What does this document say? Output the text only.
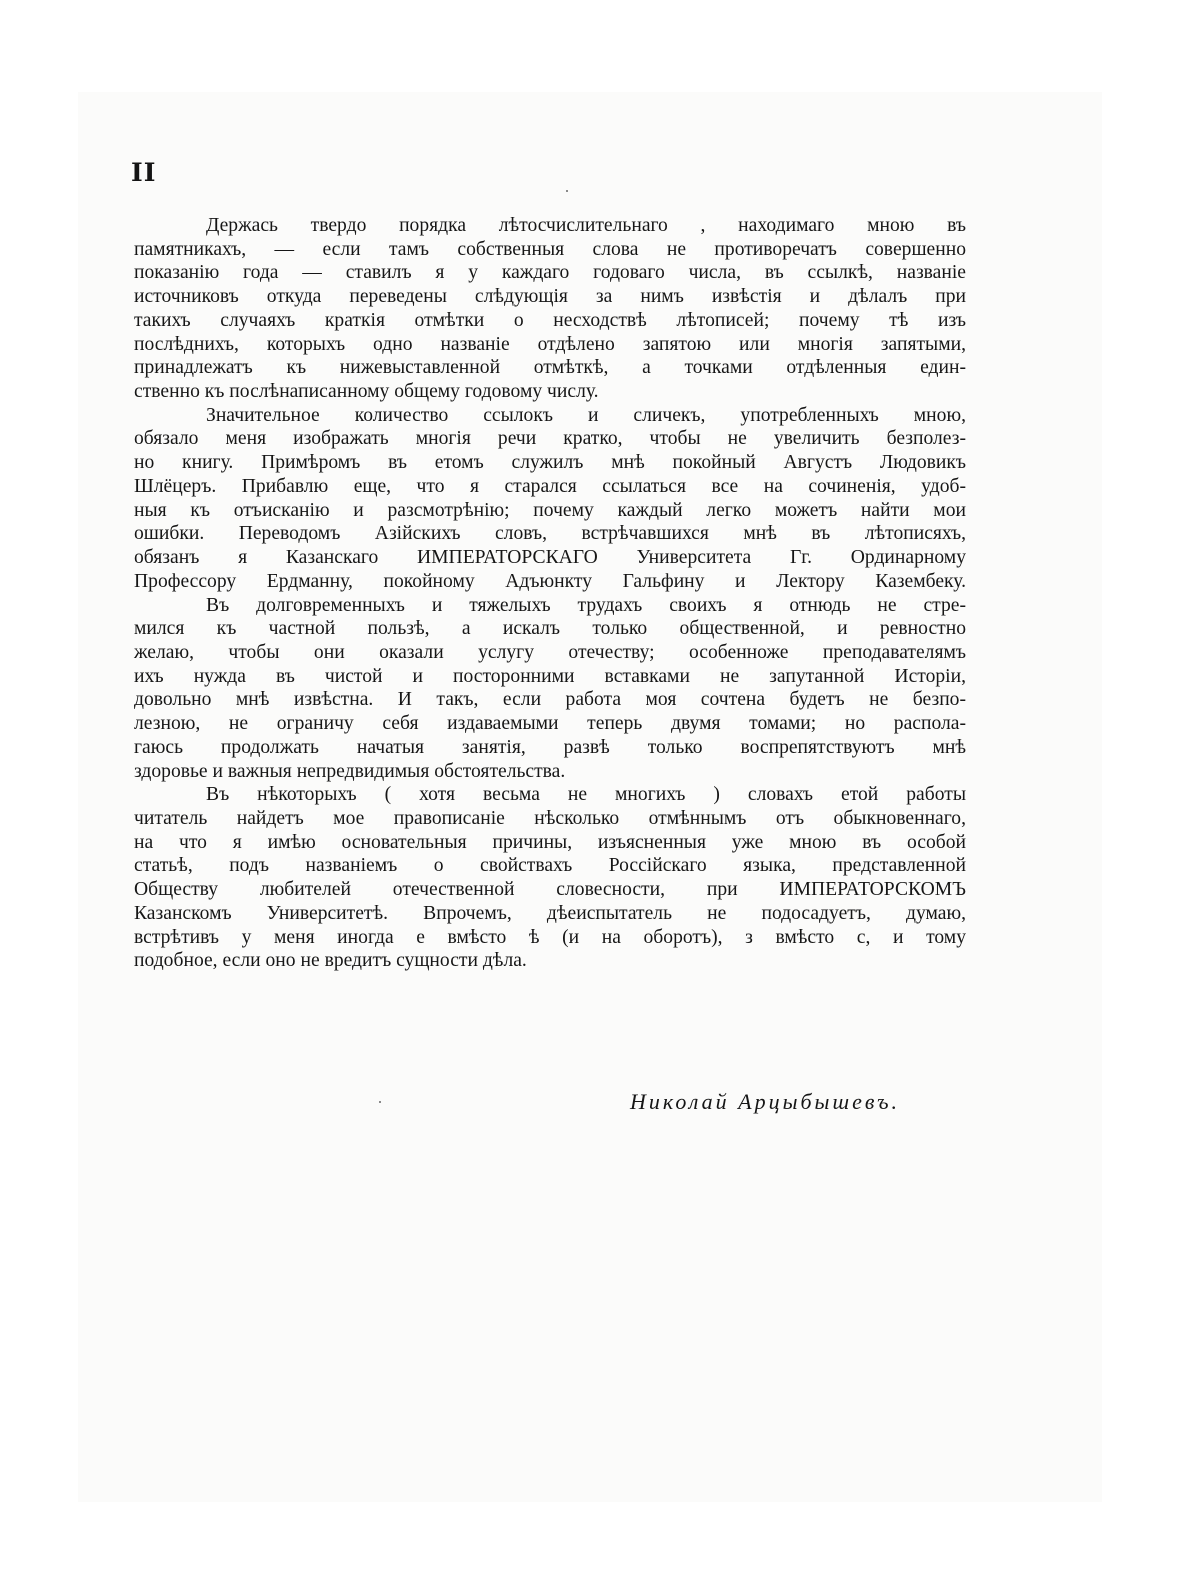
II

Держась твердо порядка лѣтосчислительнаго , находимаго мною въ
памятникахъ, — если тамъ собственныя слова не противоречатъ совершенно
показанію года — ставилъ я у каждаго годоваго числа, въ ссылкѣ, названіе
источниковъ откуда переведены слѣдующія за нимъ извѣстія и дѣлалъ при
такихъ случаяхъ краткія отмѣтки о несходствѣ лѣтописей; почему тѣ изъ
послѣднихъ, которыхъ одно названіе отдѣлено запятою или многія запятыми,
принадлежатъ къ нижевыставленной отмѣткѣ, а точками отдѣленныя един-
ственно къ послѣнаписанному общему годовому числу.

Значительное количество ссылокъ и сличекъ, употребленныхъ мною,
обязало меня изображать многія речи кратко, чтобы не увеличить безполез-
но книгу. Примѣромъ въ етомъ служилъ мнѣ покойный Августъ Людовикъ
Шлёцеръ. Прибавлю еще, что я старался ссылаться все на сочиненія, удоб-
ныя къ отъисканію и разсмотрѣнію; почему каждый легко можетъ найти мои
ошибки. Переводомъ Азійскихъ словъ, встрѣчавшихся мнѣ въ лѣтописяхъ,
обязанъ я Казанскаго ИМПЕРАТОРСКАГО Университета Гг. Ординарному
Профессору Ердманну, покойному Адъюнкту Гальфину и Лектору Казембеку.

Въ долговременныхъ и тяжелыхъ трудахъ своихъ я отнюдь не стре-
мился къ частной пользѣ, а искалъ только общественной, и ревностно
желаю, чтобы они оказали услугу отечеству; особенноже преподавателямъ
ихъ нужда въ чистой и посторонними вставками не запутанной Исторіи,
довольно мнѣ извѣстна. И такъ, если работа моя сочтена будетъ не безпо-
лезною, не ограничу себя издаваемыми теперь двумя томами; но распола-
гаюсь продолжать начатыя занятія, развѣ только воспрепятствуютъ мнѣ
здоровье и важныя непредвидимыя обстоятельства.

Въ нѣкоторыхъ ( хотя весьма не многихъ ) словахъ етой работы
читатель найдетъ мое правописаніе нѣсколько отмѣннымъ отъ обыкновеннаго,
на что я имѣю основательныя причины, изъясненныя уже мною въ особой
статьѣ, подъ названіемъ о свойствахъ Россійскаго языка, представленной
Обществу любителей отечественной словесности, при ИМПЕРАТОРСКОМЪ
Казанскомъ Университетѣ. Впрочемъ, дѣеиспытатель не подосадуетъ, думаю,
встрѣтивъ у меня иногда е вмѣсто ѣ (и на оборотъ), з вмѣсто с, и тому
подобное, если оно не вредитъ сущности дѣла.

Николай Арцыбышевъ.
